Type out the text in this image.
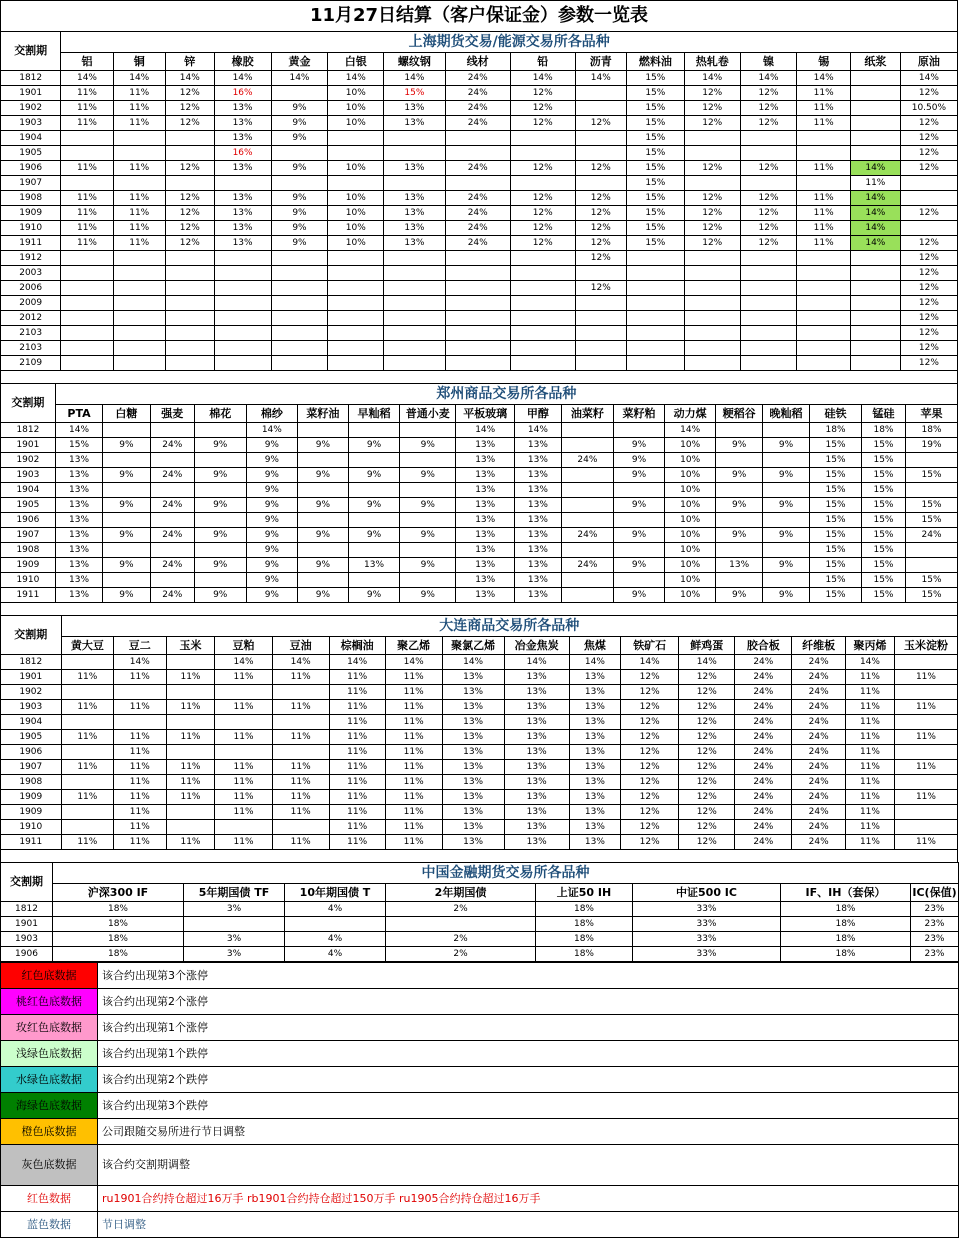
11月27日结算（客户保证金）参数一览表
交割期	上海期货交易/能源交易所各品种															
	铝	铜	锌	橡胶	黄金	白银	螺纹钢	线材	铅	沥青	燃料油	热轧卷	镍	锡	纸浆	原油
1812	14%	14%	14%	14%	14%	14%	14%	24%	14%	14%	15%	14%	14%	14%		14%
1901	11%	11%	12%	16%		10%	15%	24%	12%		15%	12%	12%	11%		12%
1902	11%	11%	12%	13%	9%	10%	13%	24%	12%		15%	12%	12%	11%		10.50%
1903	11%	11%	12%	13%	9%	10%	13%	24%	12%	12%	15%	12%	12%	11%		12%
1904				13%	9%						15%					12%
1905				16%							15%					12%
1906	11%	11%	12%	13%	9%	10%	13%	24%	12%	12%	15%	12%	12%	11%	14%	12%
1907											15%				11%	
1908	11%	11%	12%	13%	9%	10%	13%	24%	12%	12%	15%	12%	12%	11%	14%	
1909	11%	11%	12%	13%	9%	10%	13%	24%	12%	12%	15%	12%	12%	11%	14%	12%
1910	11%	11%	12%	13%	9%	10%	13%	24%	12%	12%	15%	12%	12%	11%	14%	
1911	11%	11%	12%	13%	9%	10%	13%	24%	12%	12%	15%	12%	12%	11%	14%	12%
1912										12%						12%
2003																12%
2006										12%						12%
2009																12%
2012																12%
2103																12%
2103																12%
2109																12%
交割期	郑州商品交易所各品种																	
	PTA	白糖	强麦	棉花	棉纱	菜籽油	早籼稻	普通小麦	平板玻璃	甲醇	油菜籽	菜籽粕	动力煤	粳稻谷	晚籼稻	硅铁	锰硅	苹果
1812	14%				14%				14%	14%			14%			18%	18%	18%
1901	15%	9%	24%	9%	9%	9%	9%	9%	13%	13%		9%	10%	9%	9%	15%	15%	19%
1902	13%				9%				13%	13%	24%	9%	10%			15%	15%	
1903	13%	9%	24%	9%	9%	9%	9%	9%	13%	13%		9%	10%	9%	9%	15%	15%	15%
1904	13%				9%				13%	13%			10%			15%	15%	
1905	13%	9%	24%	9%	9%	9%	9%	9%	13%	13%		9%	10%	9%	9%	15%	15%	15%
1906	13%				9%				13%	13%			10%			15%	15%	15%
1907	13%	9%	24%	9%	9%	9%	9%	9%	13%	13%	24%	9%	10%	9%	9%	15%	15%	24%
1908	13%				9%				13%	13%			10%			15%	15%	
1909	13%	9%	24%	9%	9%	9%	13%	9%	13%	13%	24%	9%	10%	13%	9%	15%	15%	
1910	13%				9%				13%	13%			10%			15%	15%	15%
1911	13%	9%	24%	9%	9%	9%	9%	9%	13%	13%		9%	10%	9%	9%	15%	15%	15%
交割期	大连商品交易所各品种															
	黄大豆	豆二	玉米	豆粕	豆油	棕榈油	聚乙烯	聚氯乙烯	冶金焦炭	焦煤	铁矿石	鲜鸡蛋	胶合板	纤维板	聚丙烯	玉米淀粉
1812		14%		14%	14%	14%	14%	14%	14%	14%	14%	14%	24%	24%	14%	
1901	11%	11%	11%	11%	11%	11%	11%	13%	13%	13%	12%	12%	24%	24%	11%	11%
1902						11%	11%	13%	13%	13%	12%	12%	24%	24%	11%	
1903	11%	11%	11%	11%	11%	11%	11%	13%	13%	13%	12%	12%	24%	24%	11%	11%
1904						11%	11%	13%	13%	13%	12%	12%	24%	24%	11%	
1905	11%	11%	11%	11%	11%	11%	11%	13%	13%	13%	12%	12%	24%	24%	11%	11%
1906		11%				11%	11%	13%	13%	13%	12%	12%	24%	24%	11%	
1907	11%	11%	11%	11%	11%	11%	11%	13%	13%	13%	12%	12%	24%	24%	11%	11%
1908		11%	11%	11%	11%	11%	11%	13%	13%	13%	12%	12%	24%	24%	11%	
1909	11%	11%	11%	11%	11%	11%	11%	13%	13%	13%	12%	12%	24%	24%	11%	11%
1909		11%		11%	11%	11%	11%	13%	13%	13%	12%	12%	24%	24%	11%	
1910		11%				11%	11%	13%	13%	13%	12%	12%	24%	24%	11%	
1911	11%	11%	11%	11%	11%	11%	11%	13%	13%	13%	12%	12%	24%	24%	11%	11%
交割期	中国金融期货交易所各品种							
	沪深300 IF	5年期国债 TF	10年期国债 T	2年期国债	上证50 IH	中证500 IC	IF、IH（套保）	IC(保值)
1812	18%	3%	4%	2%	18%	33%	18%	23%
1901	18%				18%	33%	18%	23%
1903	18%	3%	4%	2%	18%	33%	18%	23%
1906	18%	3%	4%	2%	18%	33%	18%	23%
红色底数据	该合约出现第3个涨停
桃红色底数据	该合约出现第2个涨停
玫红色底数据	该合约出现第1个涨停
浅绿色底数据	该合约出现第1个跌停
水绿色底数据	该合约出现第2个跌停
海绿色底数据	该合约出现第3个跌停
橙色底数据	公司跟随交易所进行节日调整
灰色底数据	该合约交割期调整
红色数据	ru1901合约持仓超过16万手 rb1901合约持仓超过150万手 ru1905合约持仓超过16万手
蓝色数据	节日调整
